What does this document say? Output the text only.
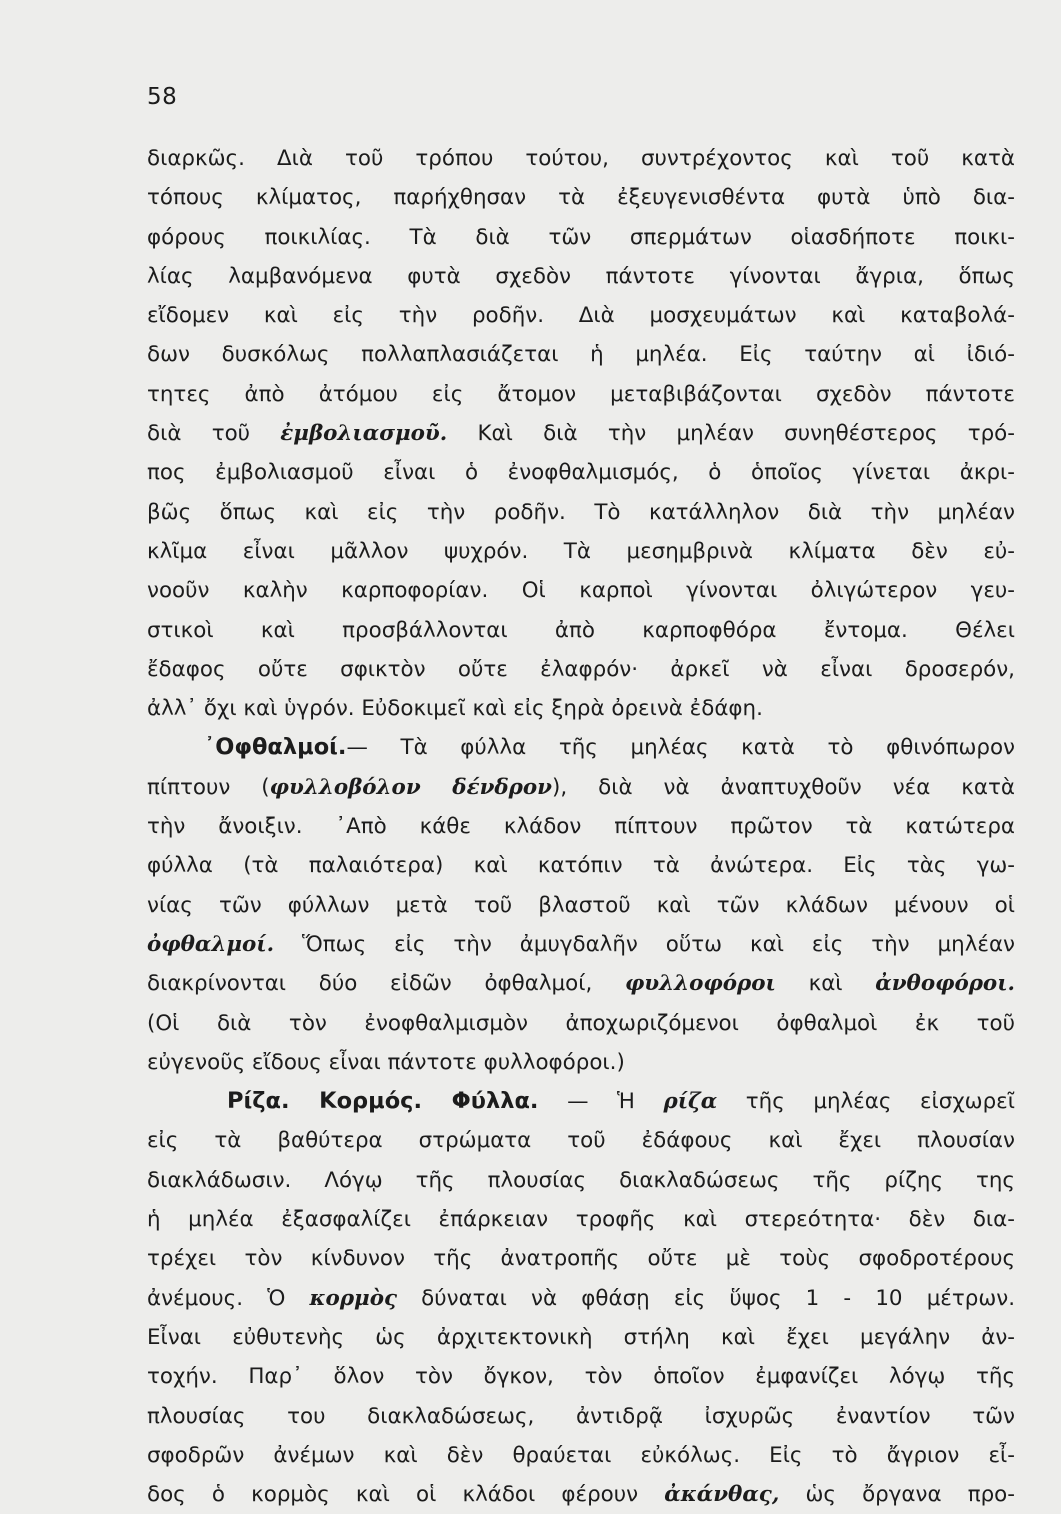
58
διαρκῶς. Διὰ τοῦ τρόπου τούτου, συντρέχοντος καὶ τοῦ κατὰ
τόπους κλίματος, παρήχθησαν τὰ ἐξευγενισθέντα φυτὰ ὑπὸ δια-
φόρους ποικιλίας. Τὰ διὰ τῶν σπερμάτων οἱασδήποτε ποικι-
λίας λαμβανόμενα φυτὰ σχεδὸν πάντοτε γίνονται ἄγρια, ὅπως
εἴδομεν καὶ εἰς τὴν ροδῆν. Διὰ μοσχευμάτων καὶ καταβολά-
δων δυσκόλως πολλαπλασιάζεται ἡ μηλέα. Εἰς ταύτην αἱ ἰδιό-
τητες ἀπὸ ἀτόμου εἰς ἄτομον μεταβιβάζονται σχεδὸν πάντοτε
διὰ τοῦ ἐμβολιασμοῦ. Καὶ διὰ τὴν μηλέαν συνηθέστερος τρό-
πος ἐμβολιασμοῦ εἶναι ὁ ἐνοφθαλμισμός, ὁ ὁποῖος γίνεται ἀκρι-
βῶς ὅπως καὶ εἰς τὴν ροδῆν. Τὸ κατάλληλον διὰ τὴν μηλέαν
κλῖμα εἶναι μᾶλλον ψυχρόν. Τὰ μεσημβρινὰ κλίματα δὲν εὐ-
νοοῦν καλὴν καρποφορίαν. Οἱ καρποὶ γίνονται ὀλιγώτερον γευ-
στικοὶ καὶ προσβάλλονται ἀπὸ καρποφθόρα ἔντομα. Θέλει
ἔδαφος οὔτε σφικτὸν οὔτε ἐλαφρόν· ἀρκεῖ νὰ εἶναι δροσερόν,
ἀλλ᾽ ὄχι καὶ ὑγρόν. Εὐδοκιμεῖ καὶ εἰς ξηρὰ ὀρεινὰ ἐδάφη.
᾽Οφθαλμοί.— Τὰ φύλλα τῆς μηλέας κατὰ τὸ φθινόπωρον
πίπτουν (φυλλοβόλον δένδρον), διὰ νὰ ἀναπτυχθοῦν νέα κατὰ
τὴν ἄνοιξιν. ᾽Απὸ κάθε κλάδον πίπτουν πρῶτον τὰ κατώτερα
φύλλα (τὰ παλαιότερα) καὶ κατόπιν τὰ ἀνώτερα. Εἰς τὰς γω-
νίας τῶν φύλλων μετὰ τοῦ βλαστοῦ καὶ τῶν κλάδων μένουν οἱ
ὀφθαλμοί. Ὅπως εἰς τὴν ἀμυγδαλῆν οὕτω καὶ εἰς τὴν μηλέαν
διακρίνονται δύο εἰδῶν ὀφθαλμοί, φυλλοφόροι καὶ ἀνθοφόροι.
(Οἱ διὰ τὸν ἐνοφθαλμισμὸν ἀποχωριζόμενοι ὀφθαλμοὶ ἐκ τοῦ
εὐγενοῦς εἴδους εἶναι πάντοτε φυλλοφόροι.)
Ρίζα. Κορμός. Φύλλα. — Ἡ ρίζα τῆς μηλέας εἰσχωρεῖ
εἰς τὰ βαθύτερα στρώματα τοῦ ἐδάφους καὶ ἔχει πλουσίαν
διακλάδωσιν. Λόγῳ τῆς πλουσίας διακλαδώσεως τῆς ρίζης της
ἡ μηλέα ἐξασφαλίζει ἐπάρκειαν τροφῆς καὶ στερεότητα· δὲν δια-
τρέχει τὸν κίνδυνον τῆς ἀνατροπῆς οὔτε μὲ τοὺς σφοδροτέρους
ἀνέμους. Ὁ κορμὸς δύναται νὰ φθάσῃ εἰς ὕψος 1 - 10 μέτρων.
Εἶναι εὐθυτενὴς ὡς ἀρχιτεκτονικὴ στήλη καὶ ἔχει μεγάλην ἀν-
τοχήν. Παρ᾽ ὅλον τὸν ὄγκον, τὸν ὁποῖον ἐμφανίζει λόγῳ τῆς
πλουσίας του διακλαδώσεως, ἀντιδρᾷ ἰσχυρῶς ἐναντίον τῶν
σφοδρῶν ἀνέμων καὶ δὲν θραύεται εὐκόλως. Εἰς τὸ ἄγριον εἶ-
δος ὁ κορμὸς καὶ οἱ κλάδοι φέρουν ἀκάνθας, ὡς ὄργανα προ-
